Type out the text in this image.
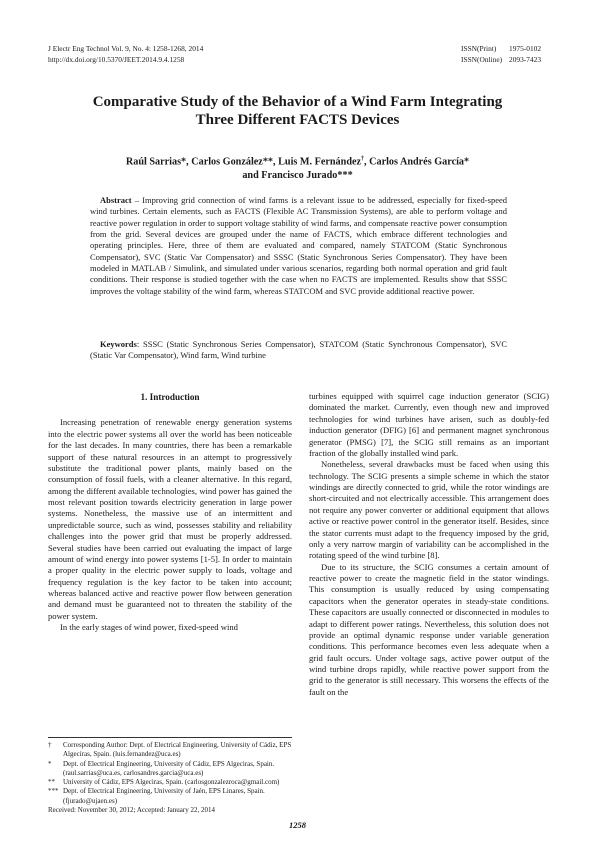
J Electr Eng Technol Vol. 9, No. 4: 1258-1268, 2014
http://dx.doi.org/10.5370/JEET.2014.9.4.1258
ISSN(Print) 1975-0102
ISSN(Online) 2093-7423
Comparative Study of the Behavior of a Wind Farm Integrating
Three Different FACTS Devices
Raúl Sarrias*, Carlos González**, Luis M. Fernández†, Carlos Andrés García*
and Francisco Jurado***
Abstract – Improving grid connection of wind farms is a relevant issue to be addressed, especially for fixed-speed wind turbines. Certain elements, such as FACTS (Flexible AC Transmission Systems), are able to perform voltage and reactive power regulation in order to support voltage stability of wind farms, and compensate reactive power consumption from the grid. Several devices are grouped under the name of FACTS, which embrace different technologies and operating principles. Here, three of them are evaluated and compared, namely STATCOM (Static Synchronous Compensator), SVC (Static Var Compensator) and SSSC (Static Synchronous Series Compensator). They have been modeled in MATLAB / Simulink, and simulated under various scenarios, regarding both normal operation and grid fault conditions. Their response is studied together with the case when no FACTS are implemented. Results show that SSSC improves the voltage stability of the wind farm, whereas STATCOM and SVC provide additional reactive power.
Keywords: SSSC (Static Synchronous Series Compensator), STATCOM (Static Synchronous Compensator), SVC (Static Var Compensator), Wind farm, Wind turbine
1. Introduction

Increasing penetration of renewable energy generation systems into the electric power systems all over the world has been noticeable for the last decades. In many countries, there has been a remarkable support of these natural resources in an attempt to progressively substitute the traditional power plants, mainly based on the consumption of fossil fuels, with a cleaner alternative. In this regard, among the different available technologies, wind power has gained the most relevant position towards electricity generation in large power systems. Nonetheless, the massive use of an intermittent and unpredictable source, such as wind, possesses stability and reliability challenges into the power grid that must be properly addressed. Several studies have been carried out evaluating the impact of large amount of wind energy into power systems [1-5]. In order to maintain a proper quality in the electric power supply to loads, voltage and frequency regulation is the key factor to be taken into account; whereas balanced active and reactive power flow between generation and demand must be guaranteed not to threaten the stability of the power system.

In the early stages of wind power, fixed-speed wind

turbines equipped with squirrel cage induction generator (SCIG) dominated the market. Currently, even though new and improved technologies for wind turbines have arisen, such as doubly-fed induction generator (DFIG) [6] and permanent magnet synchronous generator (PMSG) [7], the SCIG still remains as an important fraction of the globally installed wind park.

Nonetheless, several drawbacks must be faced when using this technology. The SCIG presents a simple scheme in which the stator windings are directly connected to grid, while the rotor windings are short-circuited and not electrically accessible. This arrangement does not require any power converter or additional equipment that allows active or reactive power control in the generator itself. Besides, since the stator currents must adapt to the frequency imposed by the grid, only a very narrow margin of variability can be accomplished in the rotating speed of the wind turbine [8].

Due to its structure, the SCIG consumes a certain amount of reactive power to create the magnetic field in the stator windings. This consumption is usually reduced by using compensating capacitors when the generator operates in steady-state conditions. These capacitors are usually connected or disconnected in modules to adapt to different power ratings. Nevertheless, this solution does not provide an optimal dynamic response under variable generation conditions. This performance becomes even less adequate when a grid fault occurs. Under voltage sags, active power output of the wind turbine drops rapidly, while reactive power support from the grid to the generator is still necessary. This worsens the effects of the fault on the

†	Corresponding Author: Dept. of Electrical Engineering, University of Cádiz, EPS Algeciras, Spain. (luis.fernandez@uca.es)
*	Dept. of Electrical Engineering, University of Cádiz, EPS Algeciras, Spain. (raul.sarrias@uca.es, carlosandres.garcia@uca.es)
**	University of Cádiz, EPS Algeciras, Spain. (carlosgonzalezroca@gmail.com)
*** Dept. of Electrical Engineering, University of Jaén, EPS Linares, Spain. (fjurado@ujaen.es)
Received: November 30, 2012; Accepted: January 22, 2014
1258
